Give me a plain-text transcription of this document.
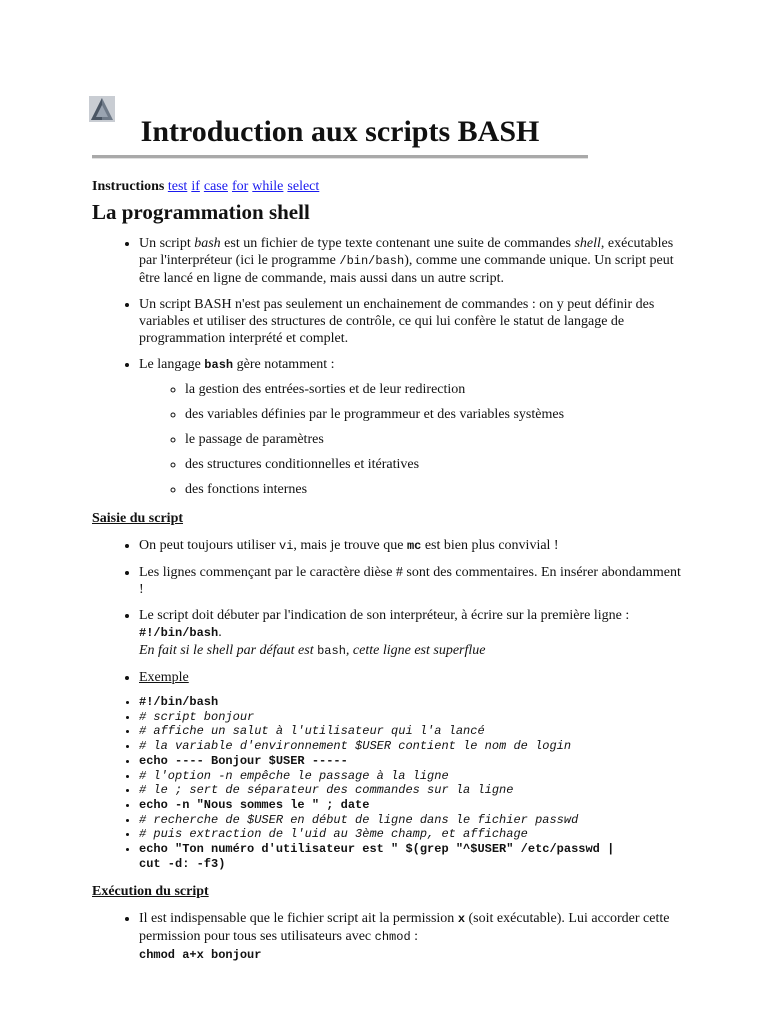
Introduction aux scripts BASH
Instructions test if case for while select
La programmation shell
• Un script bash est un fichier de type texte contenant une suite de commandes shell, exécutables par l'interpréteur (ici le programme /bin/bash), comme une commande unique. Un script peut être lancé en ligne de commande, mais aussi dans un autre script.
• Un script BASH n'est pas seulement un enchainement de commandes : on y peut définir des variables et utiliser des structures de contrôle, ce qui lui confère le statut de langage de programmation interprété et complet.
• Le langage bash gère notamment :
◦ la gestion des entrées-sorties et de leur redirection
◦ des variables définies par le programmeur et des variables systèmes
◦ le passage de paramètres
◦ des structures conditionnelles et itératives
◦ des fonctions internes
Saisie du script
• On peut toujours utiliser vi, mais je trouve que mc est bien plus convivial !
• Les lignes commençant par le caractère dièse # sont des commentaires. En insérer abondamment !
• Le script doit débuter par l'indication de son interpréteur, à écrire sur la première ligne : #!/bin/bash.
En fait si le shell par défaut est bash, cette ligne est superflue
• Exemple
• #!/bin/bash
• # script bonjour
• # affiche un salut à l'utilisateur qui l'a lancé
• # la variable d'environnement $USER contient le nom de login
• echo ---- Bonjour $USER -----
• # l'option -n empêche le passage à la ligne
• # le ; sert de séparateur des commandes sur la ligne
• echo -n "Nous sommes le " ; date
• # recherche de $USER en début de ligne dans le fichier passwd
• # puis extraction de l'uid au 3ème champ, et affichage
• echo "Ton numéro d'utilisateur est " $(grep "^$USER" /etc/passwd |
cut -d: -f3)
Exécution du script
• Il est indispensable que le fichier script ait la permission x (soit exécutable). Lui accorder cette permission pour tous ses utilisateurs avec chmod :
chmod a+x bonjour
